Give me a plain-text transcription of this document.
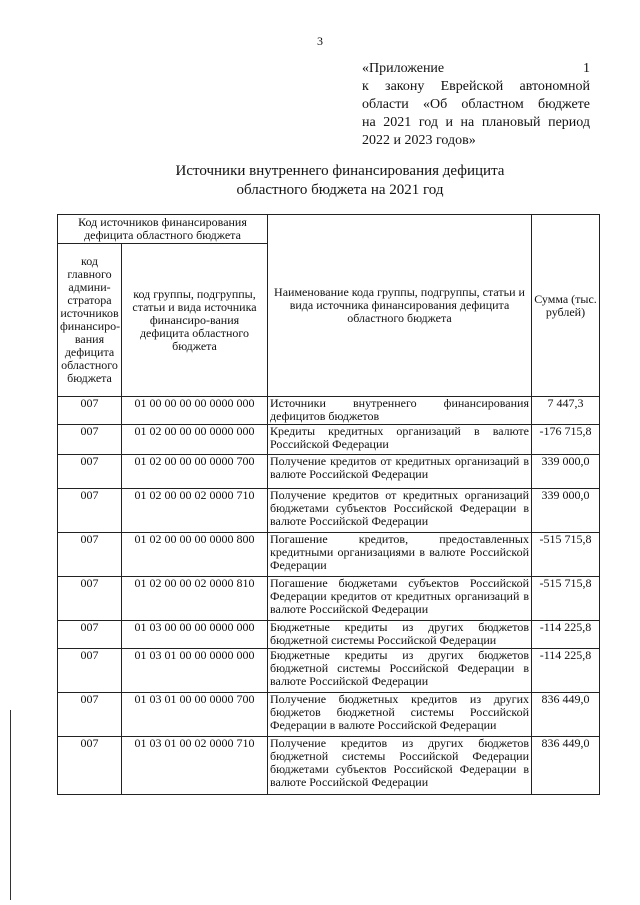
3
«Приложение 1
к закону Еврейской автономной
области «Об областном бюджете
на 2021 год и на плановый период
2022 и 2023 годов»
Источники внутреннего финансирования дефицита
областного бюджета на 2021 год
Код источников финансирования дефицита областного бюджета		Наименование кода группы, подгруппы, статьи и вида источника финансирования дефицита областного бюджета	Сумма (тыс. рублей)
код главного админи-стратора источников финансиро-вания дефицита областного бюджета	код группы, подгруппы, статьи и вида источника финансиро-вания дефицита областного бюджета		
007	01 00 00 00 00 0000 000	Источники внутреннего финансирования дефицитов бюджетов	7 447,3
007	01 02 00 00 00 0000 000	Кредиты кредитных организаций в валюте Российской Федерации	-176 715,8
007	01 02 00 00 00 0000 700	Получение кредитов от кредитных организаций в валюте Российской Федерации	339 000,0
007	01 02 00 00 02 0000 710	Получение кредитов от кредитных организаций бюджетами субъектов Российской Федерации в валюте Российской Федерации	339 000,0
007	01 02 00 00 00 0000 800	Погашение кредитов, предоставленных кредитными организациями в валюте Российской Федерации	-515 715,8
007	01 02 00 00 02 0000 810	Погашение бюджетами субъектов Российской Федерации кредитов от кредитных организаций в валюте Российской Федерации	-515 715,8
007	01 03 00 00 00 0000 000	Бюджетные кредиты из других бюджетов бюджетной системы Российской Федерации	-114 225,8
007	01 03 01 00 00 0000 000	Бюджетные кредиты из других бюджетов бюджетной системы Российской Федерации в валюте Российской Федерации	-114 225,8
007	01 03 01 00 00 0000 700	Получение бюджетных кредитов из других бюджетов бюджетной системы Российской Федерации в валюте Российской Федерации	836 449,0
007	01 03 01 00 02 0000 710	Получение кредитов из других бюджетов бюджетной системы Российской Федерации бюджетами субъектов Российской Федерации в валюте Российской Федерации	836 449,0
